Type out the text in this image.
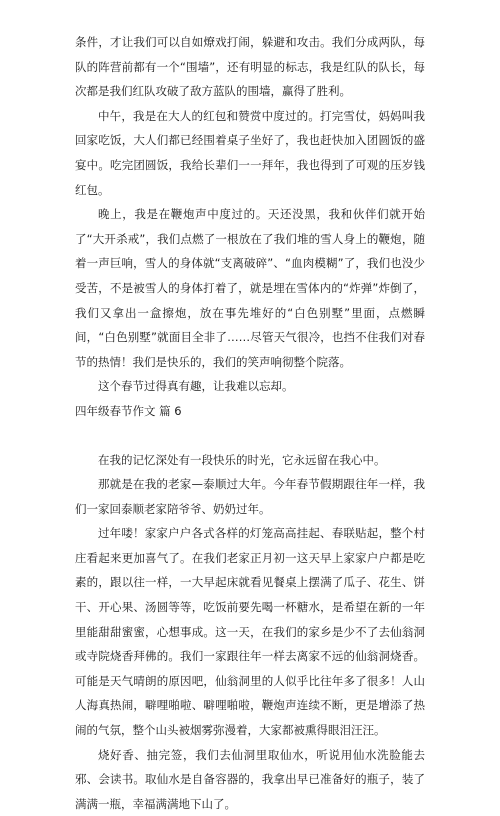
条件，才让我们可以自如燎戏打闹，躲避和攻击。我们分成两队，每队的阵营前都有一个“围墙”，还有明显的标志，我是红队的队长，每次都是我们红队攻破了敌方蓝队的围墙，赢得了胜利。

中午，我是在大人的红包和赞赏中度过的。打完雪仗，妈妈叫我回家吃饭，大人们都已经围着桌子坐好了，我也赶快加入团圆饭的盛宴中。吃完团圆饭，我给长辈们一一拜年，我也得到了可观的压岁钱红包。

晚上，我是在鞭炮声中度过的。天还没黑，我和伙伴们就开始了“大开杀戒”，我们点燃了一根放在了我们堆的雪人身上的鞭炮，随着一声巨响，雪人的身体就“支离破碎”、“血肉模糊”了，我们也没少受苦，不是被雪人的身体打着了，就是埋在雪体内的“炸弹”炸倒了，我们又拿出一盒擦炮，放在事先堆好的“白色别墅”里面，点燃瞬间，“白色别墅”就面目全非了……尽管天气很冷，也挡不住我们对春节的热情！我们是快乐的，我们的笑声响彻整个院落。

这个春节过得真有趣，让我难以忘却。

四年级春节作文 篇 6

在我的记忆深处有一段快乐的时光，它永远留在我心中。

那就是在我的老家—泰顺过大年。今年春节假期跟往年一样，我们一家回泰顺老家陪爷爷、奶奶过年。

过年喽！家家户户各式各样的灯笼高高挂起、春联贴起，整个村庄看起来更加喜气了。在我们老家正月初一这天早上家家户户都是吃素的，跟以往一样，一大早起床就看见餐桌上摆满了瓜子、花生、饼干、开心果、汤圆等等，吃饭前要先喝一杯糖水，是希望在新的一年里能甜甜蜜蜜，心想事成。这一天，在我们的家乡是少不了去仙翁洞或寺院烧香拜佛的。我们一家跟往年一样去离家不远的仙翁洞烧香。可能是天气晴朗的原因吧，仙翁洞里的人似乎比往年多了很多！人山人海真热闹，噼哩啪啦、噼哩啪啦，鞭炮声连续不断，更是增添了热闹的气氛，整个山头被烟雾弥漫着，大家都被熏得眼泪汪汪。

烧好香、抽完签，我们去仙洞里取仙水，听说用仙水洗脸能去邪、会读书。取仙水是自备容器的，我拿出早已准备好的瓶子，装了满满一瓶，幸福满满地下山了。
